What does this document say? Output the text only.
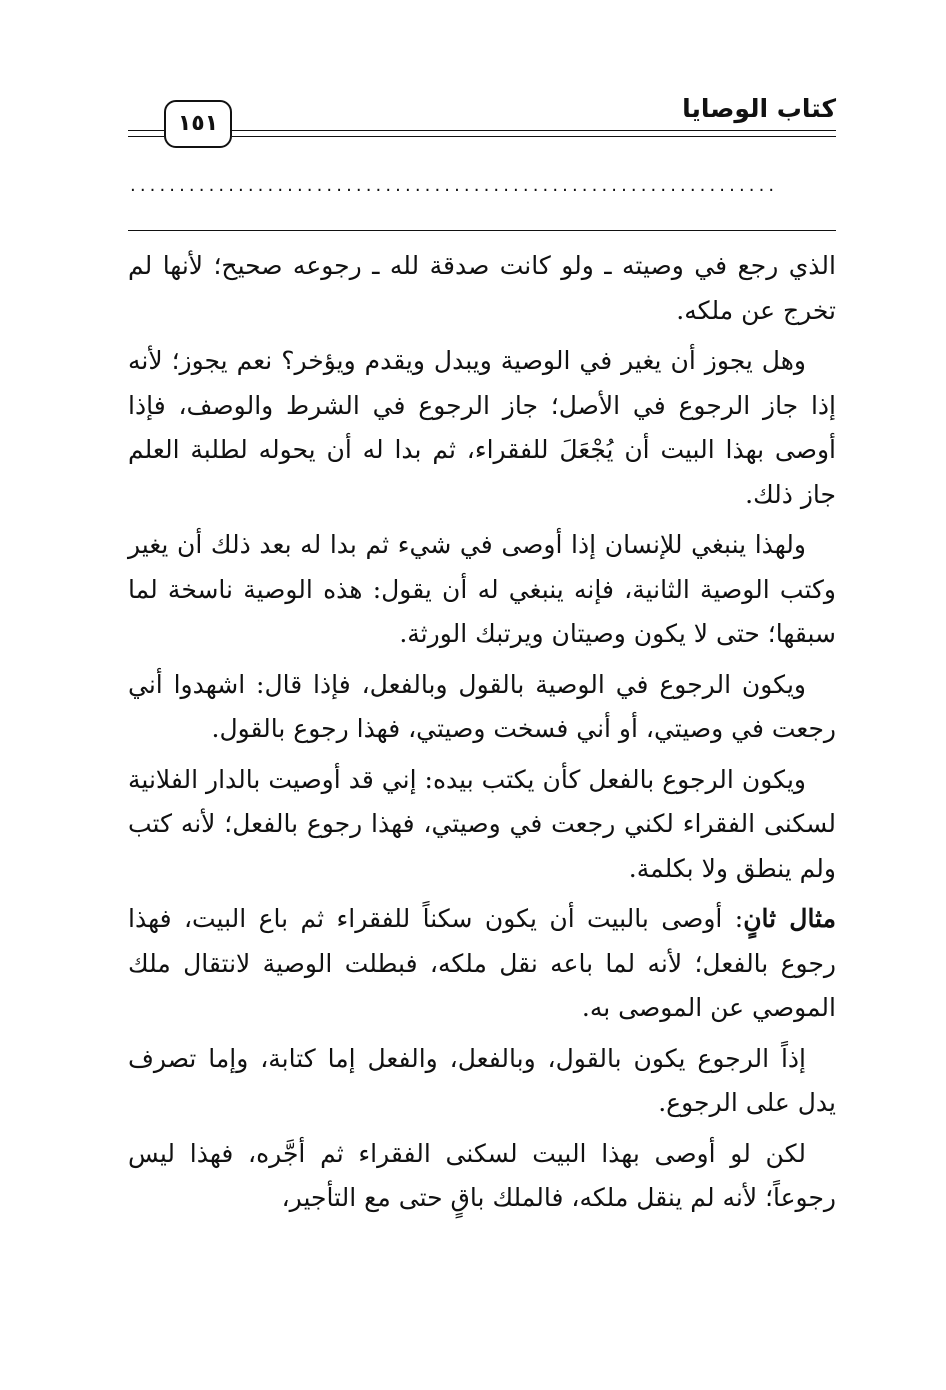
كتاب الوصايا
١٥١
..................................................................

الذي رجع في وصيته ـ ولو كانت صدقة لله ـ رجوعه صحيح؛ لأنها لم تخرج عن ملكه.

وهل يجوز أن يغير في الوصية ويبدل ويقدم ويؤخر؟ نعم يجوز؛ لأنه إذا جاز الرجوع في الأصل؛ جاز الرجوع في الشرط والوصف، فإذا أوصى بهذا البيت أن يُجْعَلَ للفقراء، ثم بدا له أن يحوله لطلبة العلم جاز ذلك.

ولهذا ينبغي للإنسان إذا أوصى في شيء ثم بدا له بعد ذلك أن يغير وكتب الوصية الثانية، فإنه ينبغي له أن يقول: هذه الوصية ناسخة لما سبقها؛ حتى لا يكون وصيتان ويرتبك الورثة.

ويكون الرجوع في الوصية بالقول وبالفعل، فإذا قال: اشهدوا أني رجعت في وصيتي، أو أني فسخت وصيتي، فهذا رجوع بالقول.

ويكون الرجوع بالفعل كأن يكتب بيده: إني قد أوصيت بالدار الفلانية لسكنى الفقراء لكني رجعت في وصيتي، فهذا رجوع بالفعل؛ لأنه كتب ولم ينطق ولا بكلمة.

مثال ثانٍ: أوصى بالبيت أن يكون سكناً للفقراء ثم باع البيت، فهذا رجوع بالفعل؛ لأنه لما باعه نقل ملكه، فبطلت الوصية لانتقال ملك الموصي عن الموصى به.

إذاً الرجوع يكون بالقول، وبالفعل، والفعل إما كتابة، وإما تصرف يدل على الرجوع.

لكن لو أوصى بهذا البيت لسكنى الفقراء ثم أجَّره، فهذا ليس رجوعاً؛ لأنه لم ينقل ملكه، فالملك باقٍ حتى مع التأجير،
